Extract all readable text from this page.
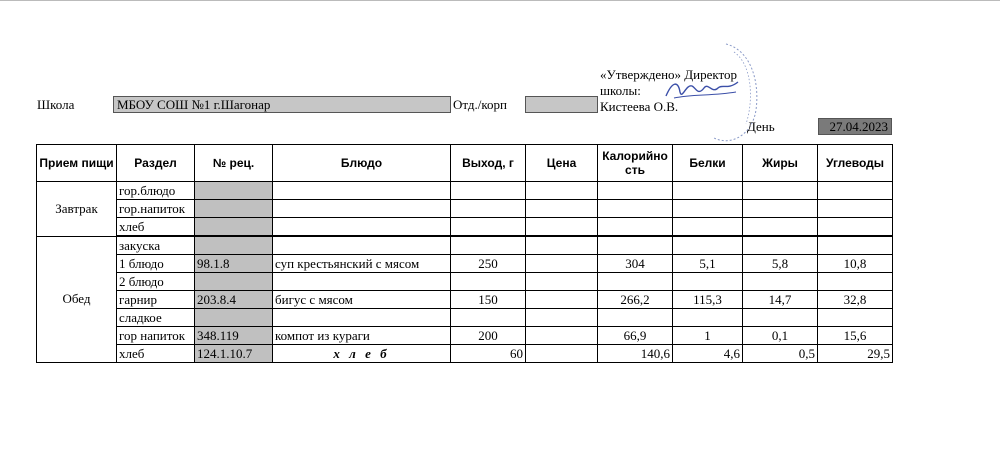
Школа	МБОУ СОШ №1 г.Шагонар	Отд./корп
«Утверждено» Директор
школы:
Кистеева О.В.
День	27.04.2023
Прием пищи	Раздел	№ рец.	Блюдо	Выход, г	Цена	Калорийно сть	Белки	Жиры	Углеводы
Завтрак	гор.блюдо								
	гор.напиток								
	хлеб								
Обед	закуска								
	1 блюдо	98.1.8	суп крестьянский с мясом	250		304	5,1	5,8	10,8
	2 блюдо								
	гарнир	203.8.4	бигус с мясом	150		266,2	115,3	14,7	32,8
	сладкое								
	гор напиток	348.119	компот из кураги	200		66,9	1	0,1	15,6
	хлеб	124.1.10.7	х л е б	60		140,6	4,6	0,5	29,5
